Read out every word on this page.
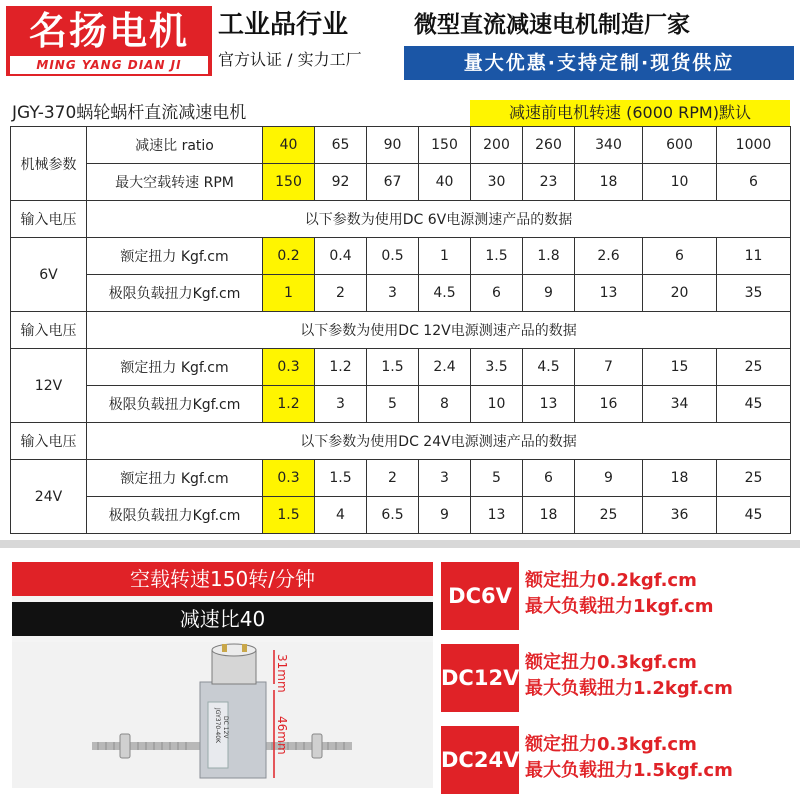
名扬电机
MING YANG DIAN JI
工业品行业
官方认证 / 实力工厂
微型直流减速电机制造厂家
量大优惠·支持定制·现货供应
JGY-370蜗轮蜗杆直流减速电机	减速前电机转速 (6000 RPM)默认
机械参数	减速比 ratio	40	65	90	150	200	260	340	600	1000
	最大空载转速 RPM	150	92	67	40	30	23	18	10	6
输入电压	以下参数为使用DC 6V电源测速产品的数据									
6V	额定扭力 Kgf.cm	0.2	0.4	0.5	1	1.5	1.8	2.6	6	11
	极限负载扭力Kgf.cm	1	2	3	4.5	6	9	13	20	35
输入电压	以下参数为使用DC 12V电源测速产品的数据									
12V	额定扭力 Kgf.cm	0.3	1.2	1.5	2.4	3.5	4.5	7	15	25
	极限负载扭力Kgf.cm	1.2	3	5	8	10	13	16	34	45
输入电压	以下参数为使用DC 24V电源测速产品的数据									
24V	额定扭力 Kgf.cm	0.3	1.5	2	3	5	6	9	18	25
	极限负载扭力Kgf.cm	1.5	4	6.5	9	13	18	25	36	45
空载转速150转/分钟
减速比40
JGY370-40K DC 12V
31mm
46mm
DC6V
额定扭力0.2kgf.cm
最大负载扭力1kgf.cm
DC12V
额定扭力0.3kgf.cm
最大负载扭力1.2kgf.cm
DC24V
额定扭力0.3kgf.cm
最大负载扭力1.5kgf.cm
